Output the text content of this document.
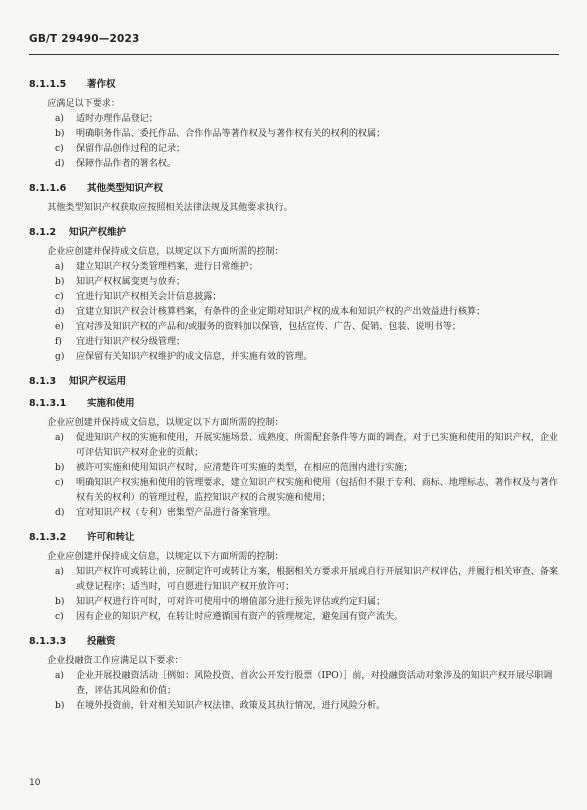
GB/T 29490—2023
8.1.1.5	著作权

应满足以下要求：

a)	适时办理作品登记；
b)	明确职务作品、委托作品、合作作品等著作权及与著作权有关的权利的权属；
c)	保留作品创作过程的记录；
d)	保障作品作者的署名权。
8.1.1.6	其他类型知识产权

其他类型知识产权获取应按照相关法律法规及其他要求执行。

8.1.2	知识产权维护

企业应创建并保持成文信息，以规定以下方面所需的控制：

a)	建立知识产权分类管理档案，进行日常维护；
b)	知识产权权属变更与放弃；
c)	宜进行知识产权相关会计信息披露；
d)	宜建立知识产权会计核算档案，有条件的企业定期对知识产权的成本和知识产权的产出效益进行核算；
e)	宜对涉及知识产权的产品和/或服务的资料加以保管，包括宣传、广告、促销、包装、说明书等；
f)	宜进行知识产权分级管理；
g)	应保留有关知识产权维护的成文信息，并实施有效的管理。
8.1.3	知识产权运用
8.1.3.1	实施和使用

企业应创建并保持成文信息，以规定以下方面所需的控制：

a)	促进知识产权的实施和使用，开展实施场景、成熟度、所需配套条件等方面的调查，对于已实施和使用的知识产权，企业可评估知识产权对企业的贡献；
b)	被许可实施和使用知识产权时，应清楚许可实施的类型，在相应的范围内进行实施；
c)	明确知识产权实施和使用的管理要求，建立知识产权实施和使用（包括但不限于专利、商标、地理标志、著作权及与著作权有关的权利）的管理过程，监控知识产权的合规实施和使用；
d)	宜对知识产权（专利）密集型产品进行备案管理。
8.1.3.2	许可和转让

企业应创建并保持成文信息，以规定以下方面所需的控制：

a)	知识产权许可或转让前，应制定许可或转让方案，根据相关方要求开展或自行开展知识产权评估，并履行相关审查、备案或登记程序；适当时，可自愿进行知识产权开放许可；
b)	知识产权进行许可时，可对许可使用中的增值部分进行预先评估或约定归属；
c)	因有企业的知识产权，在转让时应遵循国有资产的管理规定，避免国有资产流失。
8.1.3.3	投融资

企业投融资工作应满足以下要求：

a)	企业开展投融资活动［例如：风险投资、首次公开发行股票（IPO）］前，对投融资活动对象涉及的知识产权开展尽职调查，评估其风险和价值；
b)	在境外投资前，针对相关知识产权法律、政策及其执行情况，进行风险分析。
10
